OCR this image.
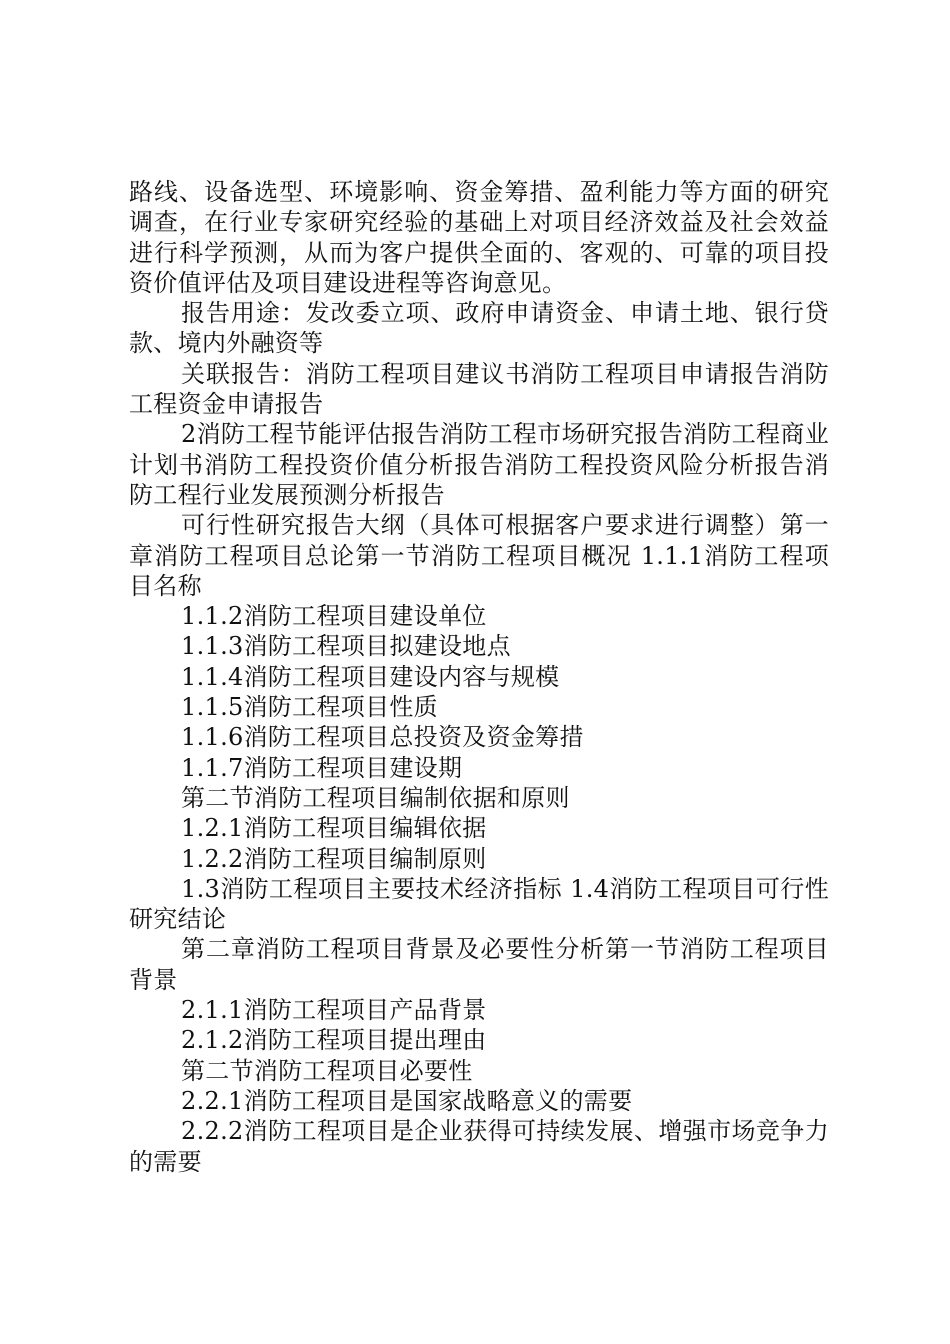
路线、设备选型、环境影响、资金筹措、盈利能力等方面的研究调查，在行业专家研究经验的基础上对项目经济效益及社会效益进行科学预测，从而为客户提供全面的、客观的、可靠的项目投资价值评估及项目建设进程等咨询意见。

报告用途：发改委立项、政府申请资金、申请土地、银行贷款、境内外融资等

关联报告：消防工程项目建议书消防工程项目申请报告消防工程资金申请报告

2消防工程节能评估报告消防工程市场研究报告消防工程商业计划书消防工程投资价值分析报告消防工程投资风险分析报告消防工程行业发展预测分析报告

可行性研究报告大纲（具体可根据客户要求进行调整）第一章消防工程项目总论第一节消防工程项目概况 1.1.1消防工程项目名称

1.1.2消防工程项目建设单位

1.1.3消防工程项目拟建设地点

1.1.4消防工程项目建设内容与规模

1.1.5消防工程项目性质

1.1.6消防工程项目总投资及资金筹措

1.1.7消防工程项目建设期

第二节消防工程项目编制依据和原则

1.2.1消防工程项目编辑依据

1.2.2消防工程项目编制原则

1.3消防工程项目主要技术经济指标 1.4消防工程项目可行性研究结论

第二章消防工程项目背景及必要性分析第一节消防工程项目背景

2.1.1消防工程项目产品背景

2.1.2消防工程项目提出理由

第二节消防工程项目必要性

2.2.1消防工程项目是国家战略意义的需要

2.2.2消防工程项目是企业获得可持续发展、增强市场竞争力的需要
